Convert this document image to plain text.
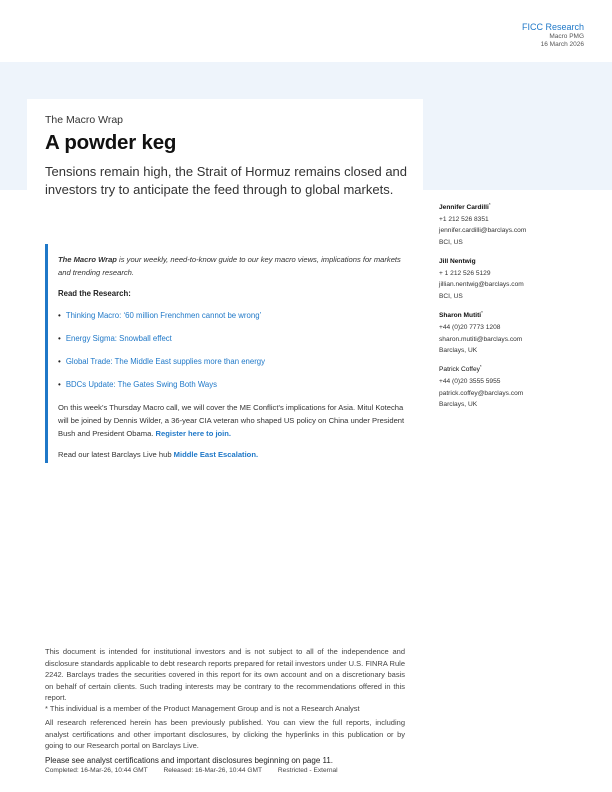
FICC Research
Macro PMG
16 March 2026
The Macro Wrap
A powder keg
Tensions remain high, the Strait of Hormuz remains closed and investors try to anticipate the feed through to global markets.
Jennifer Cardilli*
+1 212 526 8351
jennifer.cardilli@barclays.com
BCI, US
Jill Nentwig
+ 1 212 526 5129
jillian.nentwig@barclays.com
BCI, US
Sharon Mutiti*
+44 (0)20 7773 1208
sharon.mutiti@barclays.com
Barclays, UK
Patrick Coffey*
+44 (0)20 3555 5955
patrick.coffey@barclays.com
Barclays, UK
The Macro Wrap is your weekly, need-to-know guide to our key macro views, implications for markets and trending research.
Read the Research:
• Thinking Macro: ‘60 million Frenchmen cannot be wrong’
• Energy Sigma: Snowball effect
• Global Trade: The Middle East supplies more than energy
• BDCs Update: The Gates Swing Both Ways
On this week’s Thursday Macro call, we will cover the ME Conflict’s implications for Asia. Mitul Kotecha will be joined by Dennis Wilder, a 36-year CIA veteran who shaped US policy on China under President Bush and President Obama. Register here to join.
Read our latest Barclays Live hub Middle East Escalation.
This document is intended for institutional investors and is not subject to all of the independence and disclosure standards applicable to debt research reports prepared for retail investors under U.S. FINRA Rule 2242. Barclays trades the securities covered in this report for its own account and on a discretionary basis on behalf of certain clients. Such trading interests may be contrary to the recommendations offered in this report.
* This individual is a member of the Product Management Group and is not a Research Analyst
All research referenced herein has been previously published. You can view the full reports, including analyst certifications and other important disclosures, by clicking the hyperlinks in this publication or by going to our Research portal on Barclays Live.
Please see analyst certifications and important disclosures beginning on page 11.
Completed: 16-Mar-26, 10:44 GMT Released: 16-Mar-26, 10:44 GMT Restricted - External
